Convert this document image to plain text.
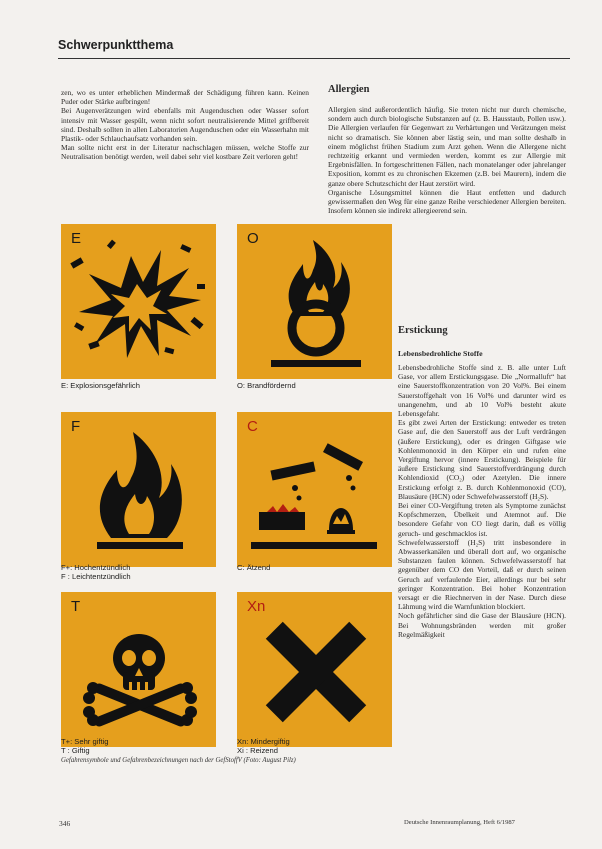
Schwerpunktthema

zen, wo es unter erheblichen Mindermaß der Schädigung führen kann. Keinen Puder oder Stärke aufbringen!

Bei Augenverätzungen wird ebenfalls mit Augenduschen oder Wasser sofort intensiv mit Wasser gespült, wenn nicht sofort neutralisierende Mittel griffbereit sind. Deshalb sollten in allen Laboratorien Augenduschen oder ein Wasserhahn mit Plastik- oder Schlauchaufsatz vorhanden sein.

Man sollte nicht erst in der Literatur nachschlagen müssen, welche Stoffe zur Neutralisation benötigt werden, weil dabei sehr viel kostbare Zeit verloren geht!

Allergien

Allergien sind außerordentlich häufig. Sie treten nicht nur durch chemische, sondern auch durch biologische Substanzen auf (z. B. Hausstaub, Pollen usw.). Die Allergien verlaufen für Gegenwart zu Verhärtungen und Verätzungen meist nicht so dramatisch. Sie können aber lästig sein, und man sollte deshalb in einem möglichst frühen Stadium zum Arzt gehen. Wenn die Allergene nicht rechtzeitig erkannt und vermieden werden, kommt es zur Allergie mit Ergebnisfällen. In fortgeschrittenen Fällen, nach monatelanger oder jahrelanger Exposition, kommt es zu chronischen Ekzemen (z.B. bei Maurern), indem die ganze obere Schutzschicht der Haut zerstört wird.

Organische Lösungsmittel können die Haut entfetten und dadurch gewissermaßen den Weg für eine ganze Reihe verschiedener Allergien bereiten. Insofern können sie indirekt allergieerend sein.

Erstickung
Lebensbedrohliche Stoffe

Lebensbedrohliche Stoffe sind z. B. alle unter Luft Gase, vor allem Erstickungsgase. Die „Normalluft“ hat eine Sauerstoffkonzentration von 20 Vol%. Bei einem Sauerstoffgehalt von 16 Vol% und darunter wird es unangenehm, und ab 10 Vol% besteht akute Lebensgefahr.

Es gibt zwei Arten der Erstickung: entweder es treten Gase auf, die den Sauerstoff aus der Luft verdrängen (äußere Erstickung), oder es dringen Giftgase wie Kohlenmonoxid in den Körper ein und rufen eine Vergiftung hervor (innere Erstickung). Beispiele für äußere Erstickung sind Sauerstoffverdrängung durch Kohlendioxid (CO₂) oder Azetylen. Die innere Erstickung erfolgt z. B. durch Kohlenmonoxid (CO), Blausäure (HCN) oder Schwefelwasserstoff (H₂S).

Bei einer CO-Vergiftung treten als Symptome zunächst Kopfschmerzen, Übelkeit und Atemnot auf. Die besondere Gefahr von CO liegt darin, daß es völlig geruch- und geschmacklos ist.

Schwefelwasserstoff (H₂S) tritt insbesondere in Abwasserkanälen und überall dort auf, wo organische Substanzen faulen können. Schwefelwasserstoff hat gegenüber dem CO den Vorteil, daß er durch seinen Geruch auf verfaulende Eier, allerdings nur bei sehr geringer Konzentration. Bei hoher Konzentration versagt er die Riechnerven in der Nase. Durch diese Lähmung wird die Warnfunktion blockiert.

Noch gefährlicher sind die Gase der Blausäure (HCN). Bei Wohnungsbränden werden mit großer Regelmäßigkeit

E
E: Explosionsgefährlich
O
O: Brandfördernd
F
F+: Hochentzündlich
F : Leichtentzündlich
C
C: Ätzend
T
T+: Sehr giftig
T : Giftig
Xn
Xn: Mindergiftig
Xi : Reizend
Gefahrensymbole und Gefahrenbezeichnungen nach der GefStoffV (Foto: August Pilz)
346	Deutsche Innenraumplanung, Heft 6/1987
